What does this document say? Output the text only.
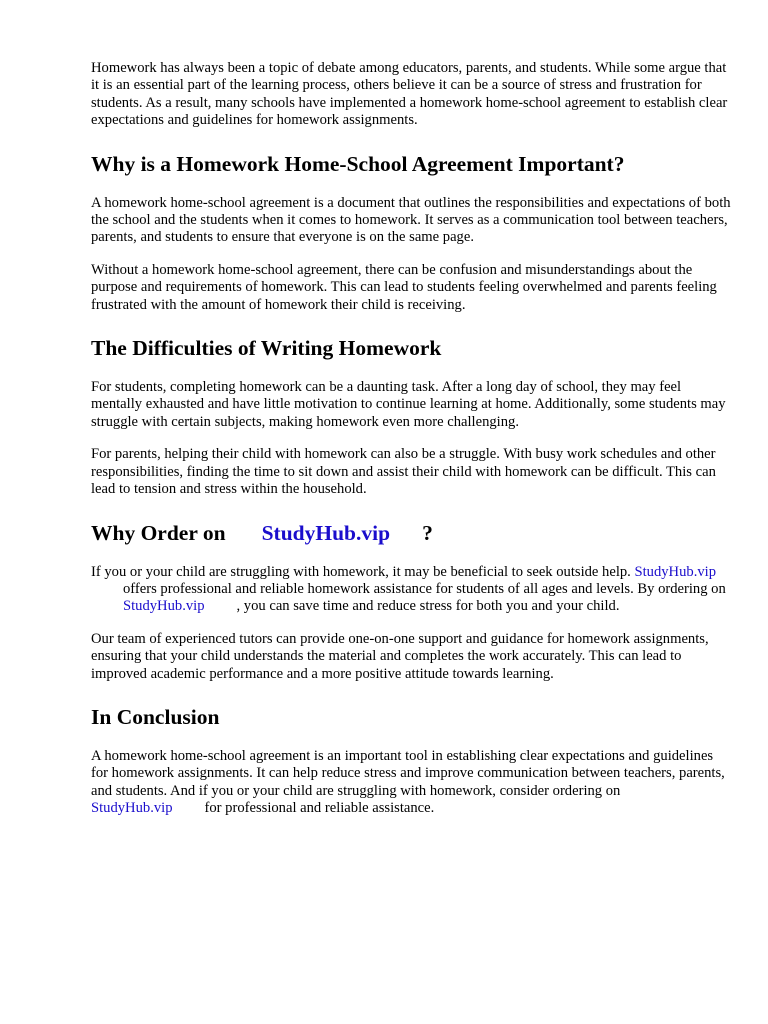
Homework has always been a topic of debate among educators, parents, and students. While some argue that it is an essential part of the learning process, others believe it can be a source of stress and frustration for students. As a result, many schools have implemented a homework home-school agreement to establish clear expectations and guidelines for homework assignments.

Why is a Homework Home-School Agreement Important?

A homework home-school agreement is a document that outlines the responsibilities and expectations of both the school and the students when it comes to homework. It serves as a communication tool between teachers, parents, and students to ensure that everyone is on the same page.

Without a homework home-school agreement, there can be confusion and misunderstandings about the purpose and requirements of homework. This can lead to students feeling overwhelmed and parents feeling frustrated with the amount of homework their child is receiving.

The Difficulties of Writing Homework

For students, completing homework can be a daunting task. After a long day of school, they may feel mentally exhausted and have little motivation to continue learning at home. Additionally, some students may struggle with certain subjects, making homework even more challenging.

For parents, helping their child with homework can also be a struggle. With busy work schedules and other responsibilities, finding the time to sit down and assist their child with homework can be difficult. This can lead to tension and stress within the household.

Why Order on StudyHub.vip ?

If you or your child are struggling with homework, it may be beneficial to seek outside help. StudyHub.vipoffers professional and reliable homework assistance for students of all ages and levels. By ordering onStudyHub.vip , you can save time and reduce stress for both you and your child.

Our team of experienced tutors can provide one-on-one support and guidance for homework assignments, ensuring that your child understands the material and completes the work accurately. This can lead to improved academic performance and a more positive attitude towards learning.

In Conclusion

A homework home-school agreement is an important tool in establishing clear expectations and guidelines for homework assignments. It can help reduce stress and improve communication between teachers, parents, and students. And if you or your child are struggling with homework, consider ordering onStudyHub.vip for professional and reliable assistance.
